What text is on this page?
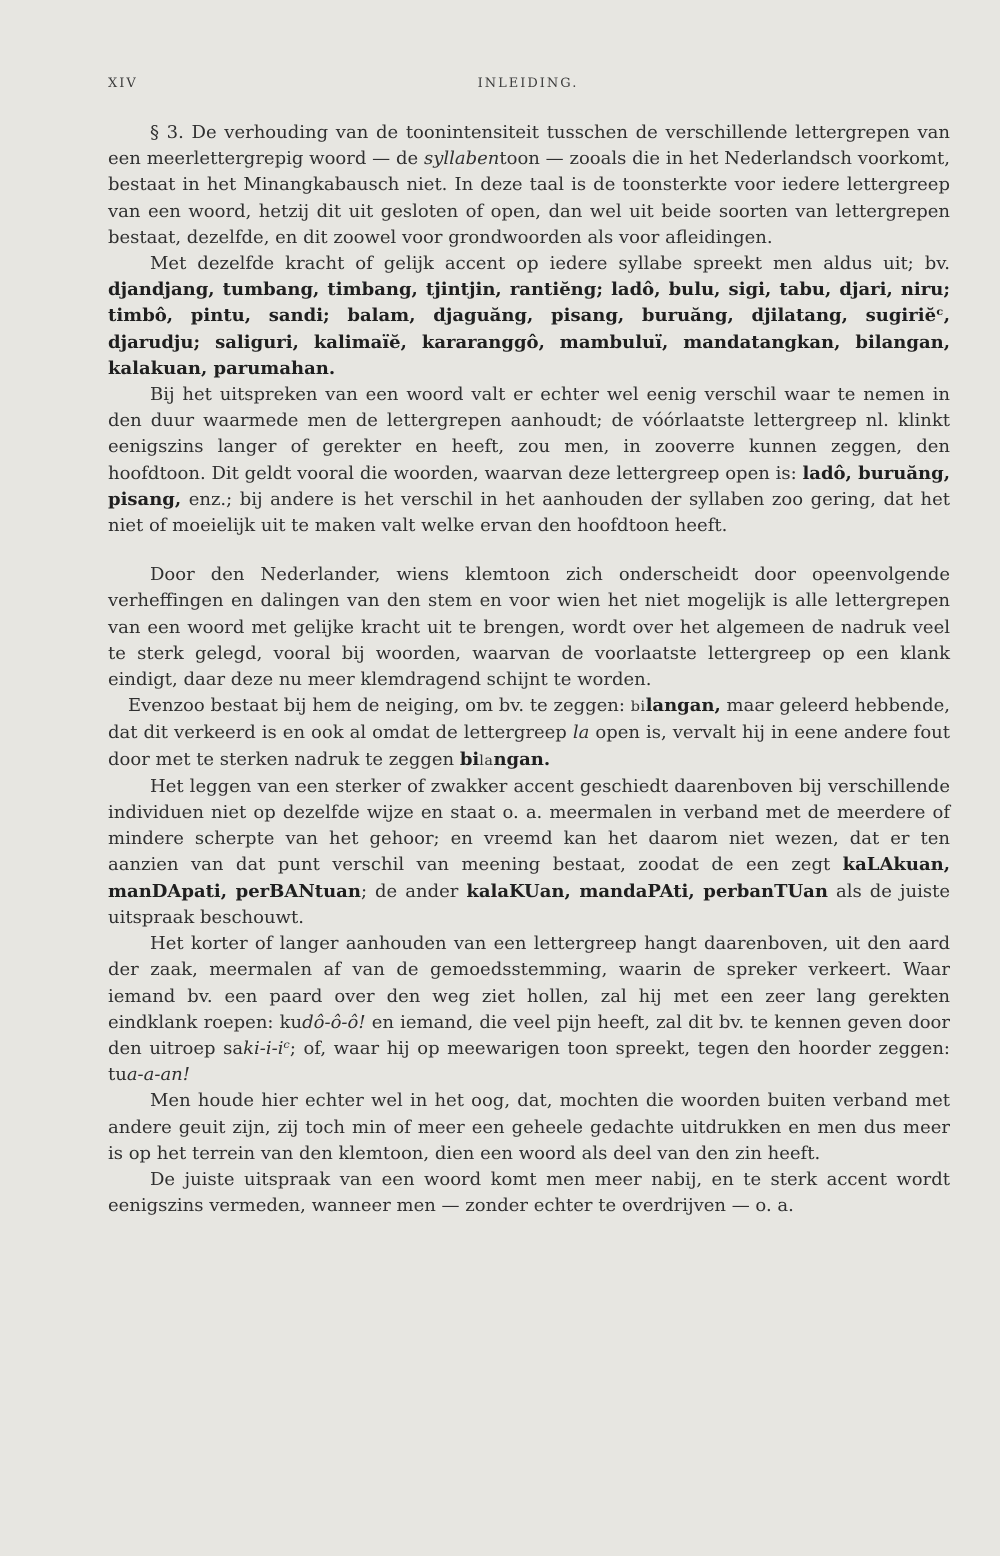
XIV	INLEIDING.

§ 3. De verhouding van de toonintensiteit tusschen de verschillende lettergrepen van een meerlettergrepig woord — de syllabentoon — zooals die in het Nederlandsch voorkomt, bestaat in het Minangkabausch niet. In deze taal is de toonsterkte voor iedere lettergreep van een woord, hetzij dit uit gesloten of open, dan wel uit beide soorten van lettergrepen bestaat, dezelfde, en dit zoowel voor grondwoorden als voor afleidingen.

Met dezelfde kracht of gelijk accent op iedere syllabe spreekt men aldus uit; bv. djandjang, tumbang, timbang, tjintjin, rantiĕng; ladô, bulu, sigi, tabu, djari, niru; timbô, pintu, sandi; balam, djaguăng, pisang, buruăng, djilatang, sugiriĕᶜ, djarudju; saliguri, kalimaïĕ, kararanggô, mambuluï, mandatangkan, bilangan, kalakuan, parumahan.

Bij het uitspreken van een woord valt er echter wel eenig verschil waar te nemen in den duur waarmede men de lettergrepen aanhoudt; de vóórlaatste lettergreep nl. klinkt eenigszins langer of gerekter en heeft, zou men, in zooverre kunnen zeggen, den hoofdtoon. Dit geldt vooral die woorden, waarvan deze lettergreep open is: ladô, buruăng, pisang, enz.; bij andere is het verschil in het aanhouden der syllaben zoo gering, dat het niet of moeielijk uit te maken valt welke ervan den hoofdtoon heeft.

Door den Nederlander, wiens klemtoon zich onderscheidt door opeenvolgende verheffingen en dalingen van den stem en voor wien het niet mogelijk is alle lettergrepen van een woord met gelijke kracht uit te brengen, wordt over het algemeen de nadruk veel te sterk gelegd, vooral bij woorden, waarvan de voorlaatste lettergreep op een klank eindigt, daar deze nu meer klemdragend schijnt te worden.

Evenzoo bestaat bij hem de neiging, om bv. te zeggen: bilangan, maar geleerd hebbende, dat dit verkeerd is en ook al omdat de lettergreep la open is, vervalt hij in eene andere fout door met te sterken nadruk te zeggen bilangan.

Het leggen van een sterker of zwakker accent geschiedt daarenboven bij verschillende individuen niet op dezelfde wijze en staat o. a. meermalen in verband met de meerdere of mindere scherpte van het gehoor; en vreemd kan het daarom niet wezen, dat er ten aanzien van dat punt verschil van meening bestaat, zoodat de een zegt kaLAkuan, manDApati, perBANtuan; de ander kalaKUan, mandaPAti, perbanTUan als de juiste uitspraak beschouwt.

Het korter of langer aanhouden van een lettergreep hangt daarenboven, uit den aard der zaak, meermalen af van de gemoedsstemming, waarin de spreker verkeert. Waar iemand bv. een paard over den weg ziet hollen, zal hij met een zeer lang gerekten eindklank roepen: kudô-ô-ô! en iemand, die veel pijn heeft, zal dit bv. te kennen geven door den uitroep saki-i-iᶜ; of, waar hij op meewarigen toon spreekt, tegen den hoorder zeggen: tua-a-an!

Men houde hier echter wel in het oog, dat, mochten die woorden buiten verband met andere geuit zijn, zij toch min of meer een geheele gedachte uitdrukken en men dus meer is op het terrein van den klemtoon, dien een woord als deel van den zin heeft.

De juiste uitspraak van een woord komt men meer nabij, en te sterk accent wordt eenigszins vermeden, wanneer men — zonder echter te overdrijven — o. a.
